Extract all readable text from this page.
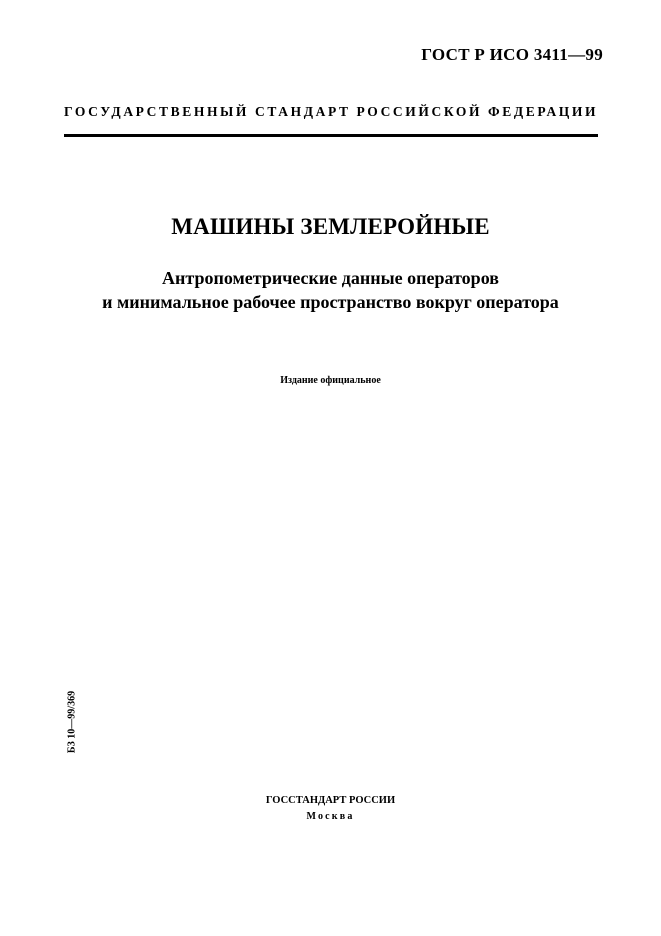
ГОСТ Р ИСО 3411—99
ГОСУДАРСТВЕННЫЙ СТАНДАРТ РОССИЙСКОЙ ФЕДЕРАЦИИ
МАШИНЫ ЗЕМЛЕРОЙНЫЕ
Антропометрические данные операторов
и минимальное рабочее пространство вокруг оператора
Издание официальное
БЗ 10—99/369
ГОССТАНДАРТ РОССИИ
Москва
